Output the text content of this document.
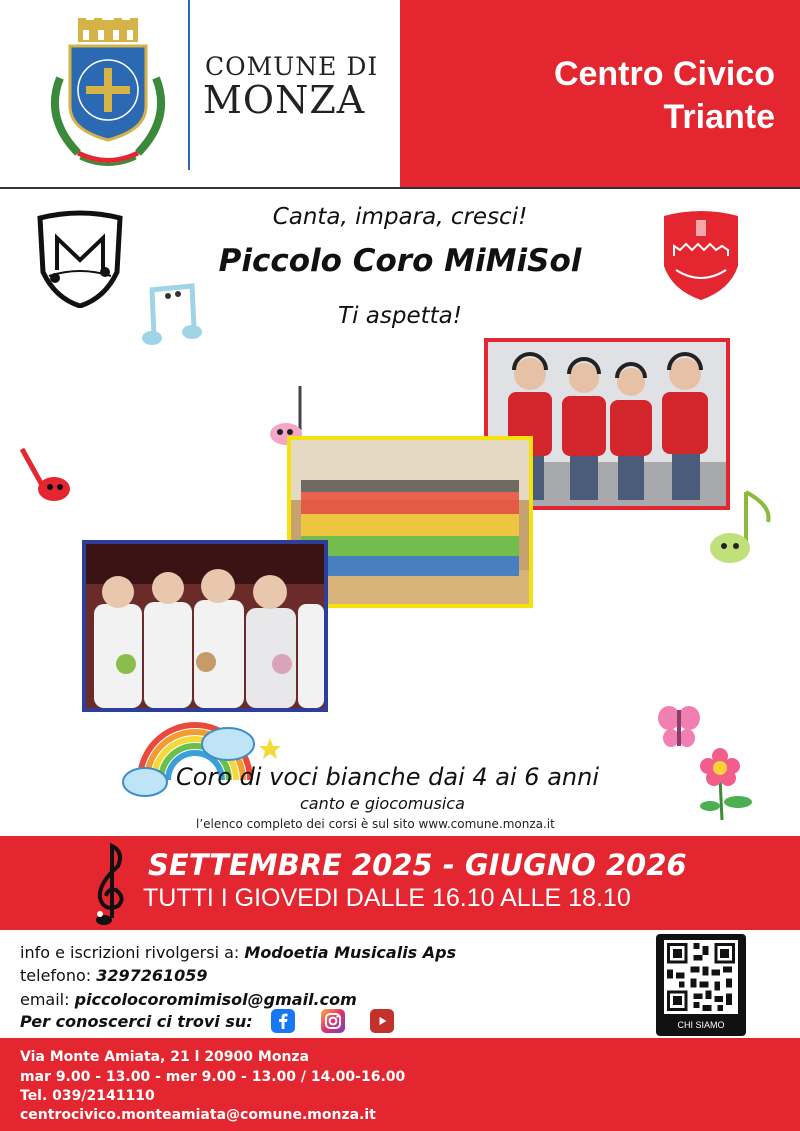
COMUNE DI
MONZA
Centro Civico
Triante
Canta, impara, cresci!
Piccolo Coro MiMiSol
Ti aspetta!
Coro di voci bianche dai 4 ai 6 anni
canto e giocomusica
l’elenco completo dei corsi è sul sito www.comune.monza.it
SETTEMBRE 2025 - GIUGNO 2026
TUTTI I GIOVEDI DALLE 16.10 ALLE 18.10
info e iscrizioni rivolgersi a: Modoetia Musicalis Aps
telefono: 3297261059
email: piccolocoromimisol@gmail.com
Per conoscerci ci trovi su:	CHI SIAMO
Via Monte Amiata, 21 l 20900 Monza
mar 9.00 - 13.00 - mer 9.00 - 13.00 / 14.00-16.00
Tel. 039/2141110
centrocivico.monteamiata@comune.monza.it
